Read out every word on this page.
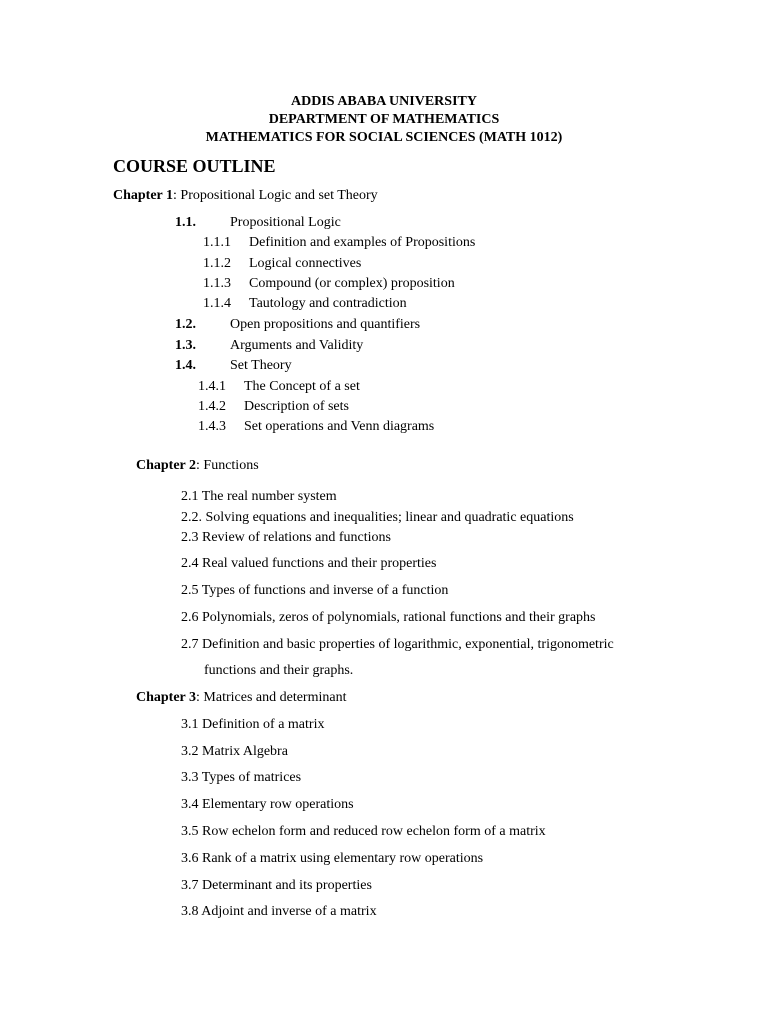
ADDIS ABABA UNIVERSITY
DEPARTMENT OF MATHEMATICS
MATHEMATICS FOR SOCIAL SCIENCES (MATH 1012)
COURSE OUTLINE
Chapter 1: Propositional Logic and set Theory
1.1. Propositional Logic
1.1.1 Definition and examples of Propositions
1.1.2 Logical connectives
1.1.3 Compound (or complex) proposition
1.1.4 Tautology and contradiction
1.2. Open propositions and quantifiers
1.3. Arguments and Validity
1.4. Set Theory
1.4.1 The Concept of a set
1.4.2 Description of sets
1.4.3 Set operations and Venn diagrams
Chapter 2: Functions
2.1 The real number system
2.2. Solving equations and inequalities; linear and quadratic equations
2.3 Review of relations and functions
2.4 Real valued functions and their properties
2.5 Types of functions and inverse of a function
2.6 Polynomials, zeros of polynomials, rational functions and their graphs
2.7 Definition and basic properties of logarithmic, exponential, trigonometric
functions and their graphs.
Chapter 3: Matrices and determinant
3.1 Definition of a matrix
3.2 Matrix Algebra
3.3 Types of matrices
3.4 Elementary row operations
3.5 Row echelon form and reduced row echelon form of a matrix
3.6 Rank of a matrix using elementary row operations
3.7 Determinant and its properties
3.8 Adjoint and inverse of a matrix
